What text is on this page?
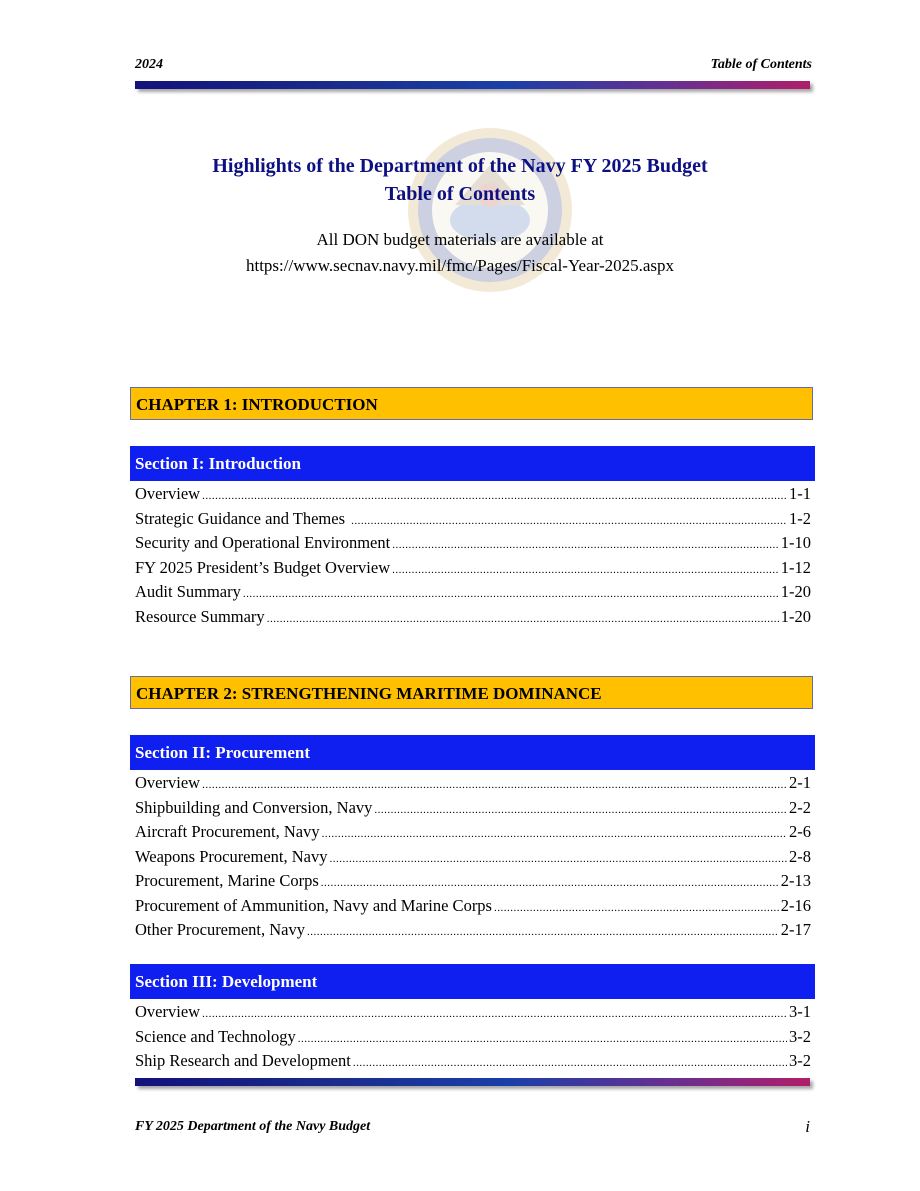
2024	Table of Contents
Highlights of the Department of the Navy FY 2025 Budget
Table of Contents
All DON budget materials are available at
https://www.secnav.navy.mil/fmc/Pages/Fiscal-Year-2025.aspx
CHAPTER 1: INTRODUCTION
Section I: Introduction
Overview .....	1-1
Strategic Guidance and Themes .....	1-2
Security and Operational Environment .....	1-10
FY 2025 President’s Budget Overview .....	1-12
Audit Summary .....	1-20
Resource Summary .....	1-20
CHAPTER 2: STRENGTHENING MARITIME DOMINANCE
Section II: Procurement
Overview .....	2-1
Shipbuilding and Conversion, Navy .....	2-2
Aircraft Procurement, Navy .....	2-6
Weapons Procurement, Navy .....	2-8
Procurement, Marine Corps .....	2-13
Procurement of Ammunition, Navy and Marine Corps .....	2-16
Other Procurement, Navy .....	2-17
Section III: Development
Overview .....	3-1
Science and Technology .....	3-2
Ship Research and Development .....	3-2
FY 2025 Department of the Navy Budget	i
